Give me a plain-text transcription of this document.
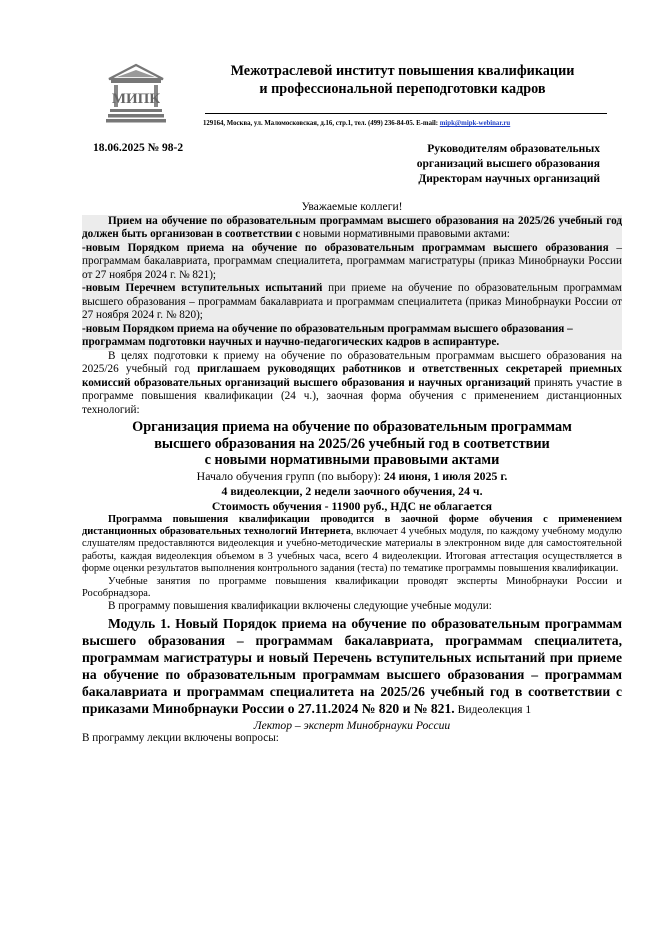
МИПК
Межотраслевой институт повышения квалификации
и профессиональной переподготовки кадров
129164, Москва, ул. Маломосковская, д.16, стр.1, тел. (499) 236-84-05. E-mail: mipk@mipk-webinar.ru
18.06.2025 № 98-2	Руководителям образовательных
организаций высшего образования
Директорам научных организаций

Уважаемые коллеги!

Прием на обучение по образовательным программам высшего образования на 2025/26 учебный год должен быть организован в соответствии с новыми нормативными правовыми актами:

-новым Порядком приема на обучение по образовательным программам высшего образования – программам бакалавриата, программам специалитета, программам магистратуры (приказ Минобрнауки России от 27 ноября 2024 г. № 821);

-новым Перечнем вступительных испытаний при приеме на обучение по образовательным программам высшего образования – программам бакалавриата и программам специалитета (приказ Минобрнауки России от 27 ноября 2024 г. № 820);

-новым Порядком приема на обучение по образовательным программам высшего образования – программам подготовки научных и научно-педагогических кадров в аспирантуре.

В целях подготовки к приему на обучение по образовательным программам высшего образования на 2025/26 учебный год приглашаем руководящих работников и ответственных секретарей приемных комиссий образовательных организаций высшего образования и научных организаций принять участие в программе повышения квалификации (24 ч.), заочная форма обучения с применением дистанционных технологий:

Организация приема на обучение по образовательным программам
высшего образования на 2025/26 учебный год в соответствии
с новыми нормативными правовыми актами
Начало обучения групп (по выбору): 24 июня, 1 июля 2025 г.
4 видеолекции, 2 недели заочного обучения, 24 ч.
Стоимость обучения - 11900 руб., НДС не облагается

Программа повышения квалификации проводится в заочной форме обучения с применением дистанционных образовательных технологий Интернета, включает 4 учебных модуля, по каждому учебному модулю слушателям предоставляются видеолекция и учебно-методические материалы в электронном виде для самостоятельной работы, каждая видеолекция объемом в 3 учебных часа, всего 4 видеолекции. Итоговая аттестация осуществляется в форме оценки результатов выполнения контрольного задания (теста) по тематике программы повышения квалификации.

Учебные занятия по программе повышения квалификации проводят эксперты Минобрнауки России и Рособрнадзора.

В программу повышения квалификации включены следующие учебные модули:

Модуль 1. Новый Порядок приема на обучение по образовательным программам высшего образования – программам бакалавриата, программам специалитета, программам магистратуры и новый Перечень вступительных испытаний при приеме на обучение по образовательным программам высшего образования – программам бакалавриата и программам специалитета на 2025/26 учебный год в соответствии с приказами Минобрнауки России о 27.11.2024 № 820 и № 821. Видеолекция 1

Лектор – эксперт Минобрнауки России

В программу лекции включены вопросы:
